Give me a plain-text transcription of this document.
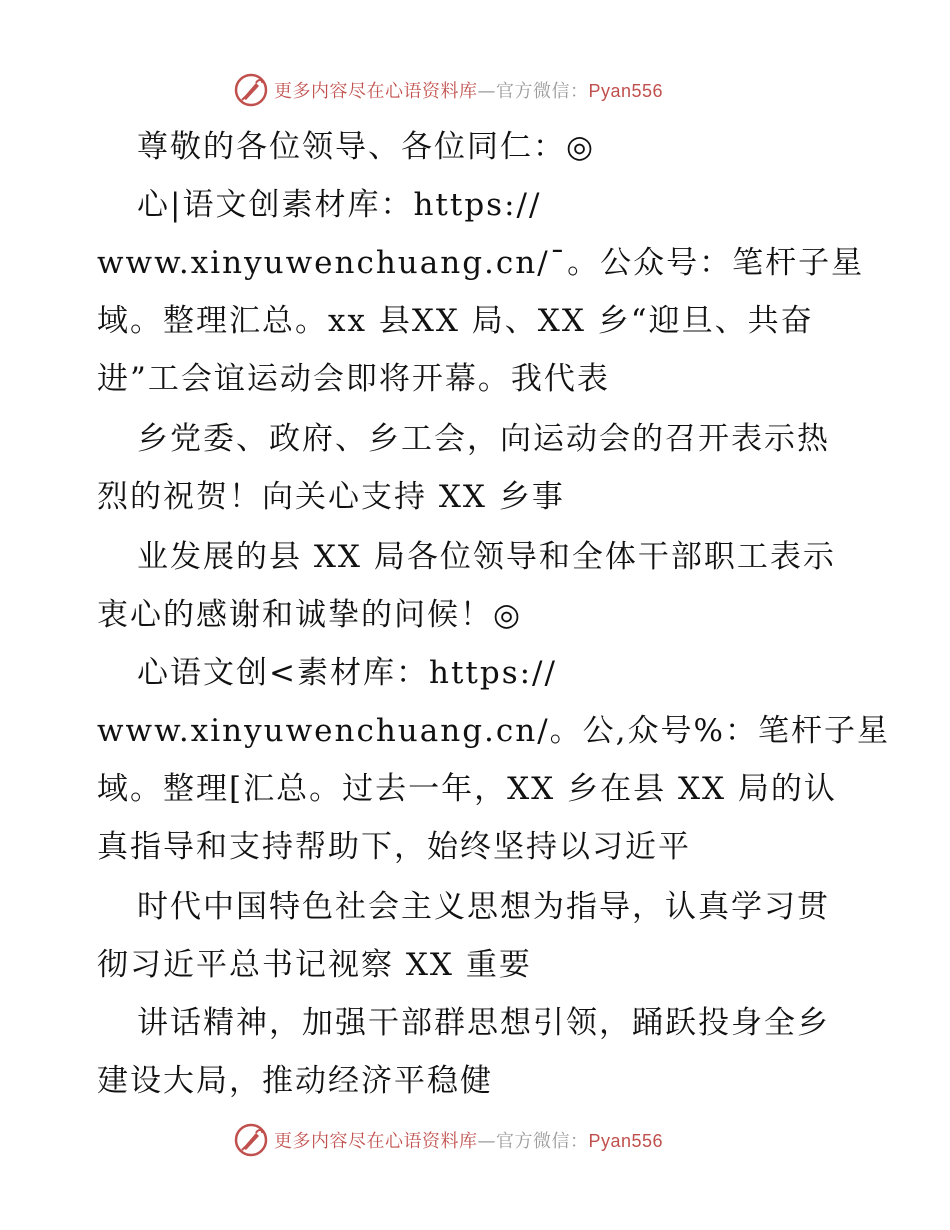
更多内容尽在心语资料库—官方微信：Pyan556
尊敬的各位领导、各位同仁：◎
心|语文创素材库：https://
www.xinyuwenchuang.cn/¯。公众号：笔杆子星
域。整理汇总。xx 县XX 局、XX 乡“迎旦、共奋
进”工会谊运动会即将开幕。我代表
乡党委、政府、乡工会，向运动会的召开表示热
烈的祝贺！向关心支持 XX 乡事
业发展的县 XX 局各位领导和全体干部职工表示
衷心的感谢和诚挚的问候！◎
心语文创<素材库：https://
www.xinyuwenchuang.cn/。公,众号%：笔杆子星
域。整理[汇总。过去一年，XX 乡在县 XX 局的认
真指导和支持帮助下，始终坚持以习近平
时代中国特色社会主义思想为指导，认真学习贯
彻习近平总书记视察 XX 重要
讲话精神，加强干部群思想引领，踊跃投身全乡
建设大局，推动经济平稳健
更多内容尽在心语资料库—官方微信：Pyan556
